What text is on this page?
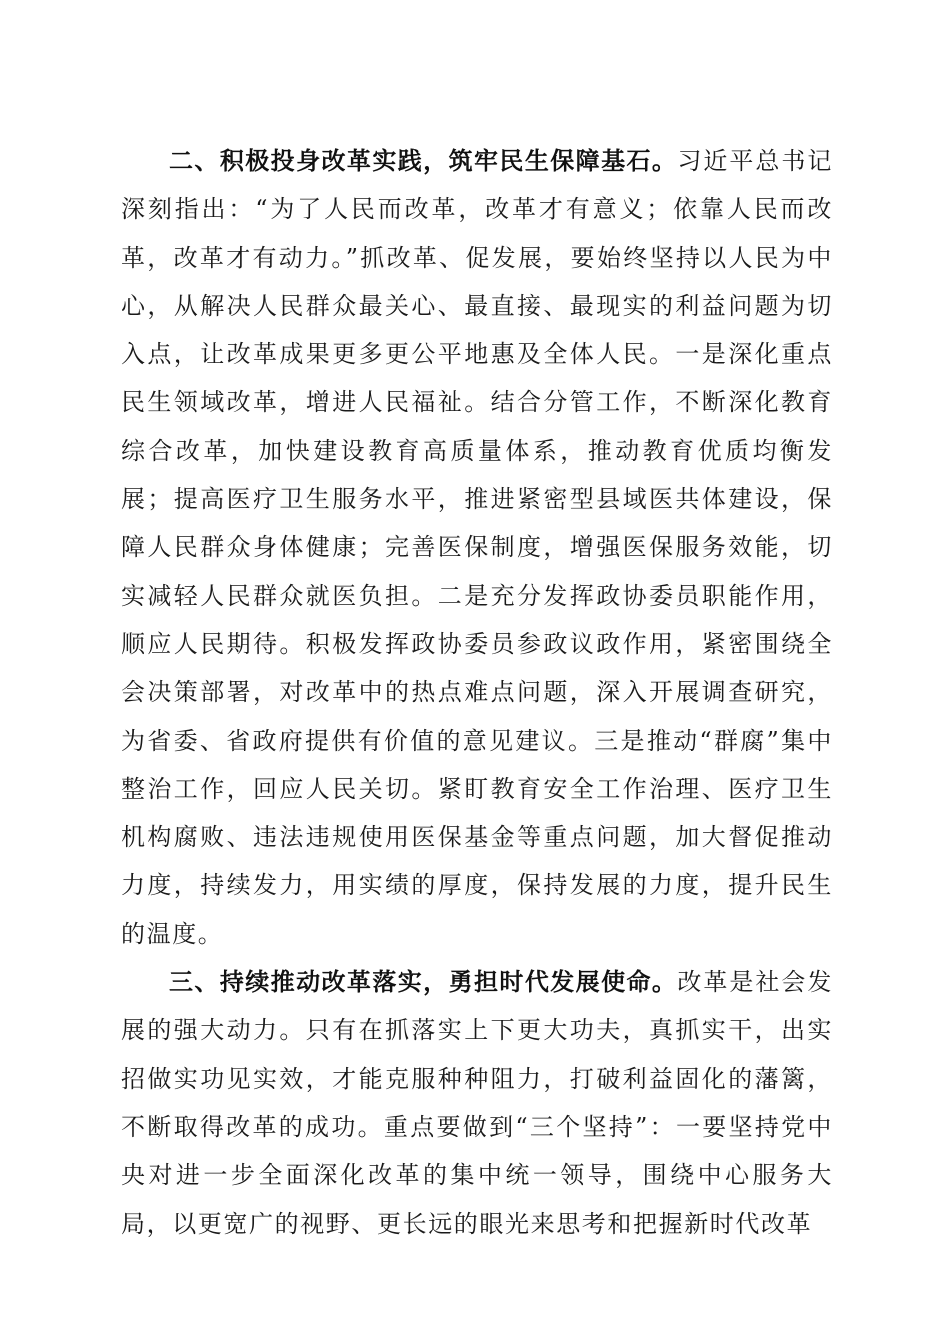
二、积极投身改革实践，筑牢民生保障基石。习近平总书记深刻指出：“为了人民而改革，改革才有意义；依靠人民而改革，改革才有动力。”抓改革、促发展，要始终坚持以人民为中心，从解决人民群众最关心、最直接、最现实的利益问题为切入点，让改革成果更多更公平地惠及全体人民。一是深化重点民生领域改革，增进人民福祉。结合分管工作，不断深化教育综合改革，加快建设教育高质量体系，推动教育优质均衡发展；提高医疗卫生服务水平，推进紧密型县域医共体建设，保障人民群众身体健康；完善医保制度，增强医保服务效能，切实减轻人民群众就医负担。二是充分发挥政协委员职能作用，顺应人民期待。积极发挥政协委员参政议政作用，紧密围绕全会决策部署，对改革中的热点难点问题，深入开展调查研究，为省委、省政府提供有价值的意见建议。三是推动“群腐”集中整治工作，回应人民关切。紧盯教育安全工作治理、医疗卫生机构腐败、违法违规使用医保基金等重点问题，加大督促推动力度，持续发力，用实绩的厚度，保持发展的力度，提升民生的温度。

三、持续推动改革落实，勇担时代发展使命。改革是社会发展的强大动力。只有在抓落实上下更大功夫，真抓实干，出实招做实功见实效，才能克服种种阻力，打破利益固化的藩篱，不断取得改革的成功。重点要做到“三个坚持”：一要坚持党中央对进一步全面深化改革的集中统一领导，围绕中心服务大局，以更宽广的视野、更长远的眼光来思考和把握新时代改革
